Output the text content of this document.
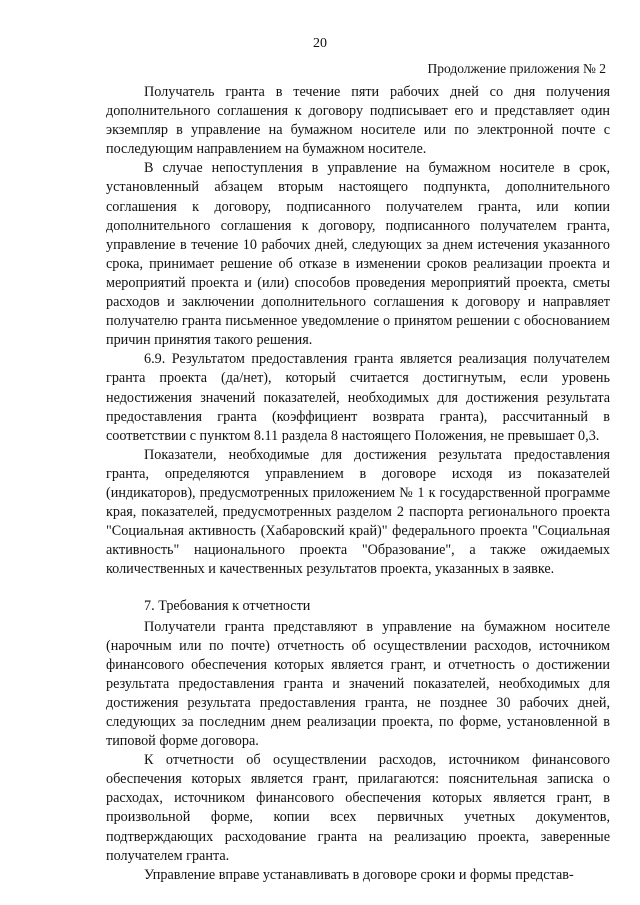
20
Продолжение приложения № 2

Получатель гранта в течение пяти рабочих дней со дня получения дополнительного соглашения к договору подписывает его и представляет один экземпляр в управление на бумажном носителе или по электронной почте с последующим направлением на бумажном носителе.

В случае непоступления в управление на бумажном носителе в срок, установленный абзацем вторым настоящего подпункта, дополнительного соглашения к договору, подписанного получателем гранта, или копии дополнительного соглашения к договору, подписанного получателем гранта, управление в течение 10 рабочих дней, следующих за днем истечения указанного срока, принимает решение об отказе в изменении сроков реализации проекта и мероприятий проекта и (или) способов проведения мероприятий проекта, сметы расходов и заключении дополнительного соглашения к договору и направляет получателю гранта письменное уведомление о принятом решении с обоснованием причин принятия такого решения.

6.9. Результатом предоставления гранта является реализация получателем гранта проекта (да/нет), который считается достигнутым, если уровень недостижения значений показателей, необходимых для достижения результата предоставления гранта (коэффициент возврата гранта), рассчитанный в соответствии с пунктом 8.11 раздела 8 настоящего Положения, не превышает 0,3.

Показатели, необходимые для достижения результата предоставления гранта, определяются управлением в договоре исходя из показателей (индикаторов), предусмотренных приложением № 1 к государственной программе края, показателей, предусмотренных разделом 2 паспорта регионального проекта "Социальная активность (Хабаровский край)" федерального проекта "Социальная активность" национального проекта "Образование", а также ожидаемых количественных и качественных результатов проекта, указанных в заявке.

7. Требования к отчетности

Получатели гранта представляют в управление на бумажном носителе (нарочным или по почте) отчетность об осуществлении расходов, источником финансового обеспечения которых является грант, и отчетность о достижении результата предоставления гранта и значений показателей, необходимых для достижения результата предоставления гранта, не позднее 30 рабочих дней, следующих за последним днем реализации проекта, по форме, установленной в типовой форме договора.

К отчетности об осуществлении расходов, источником финансового обеспечения которых является грант, прилагаются: пояснительная записка о расходах, источником финансового обеспечения которых является грант, в произвольной форме, копии всех первичных учетных документов, подтверждающих расходование гранта на реализацию проекта, заверенные получателем гранта.

Управление вправе устанавливать в договоре сроки и формы представ-
